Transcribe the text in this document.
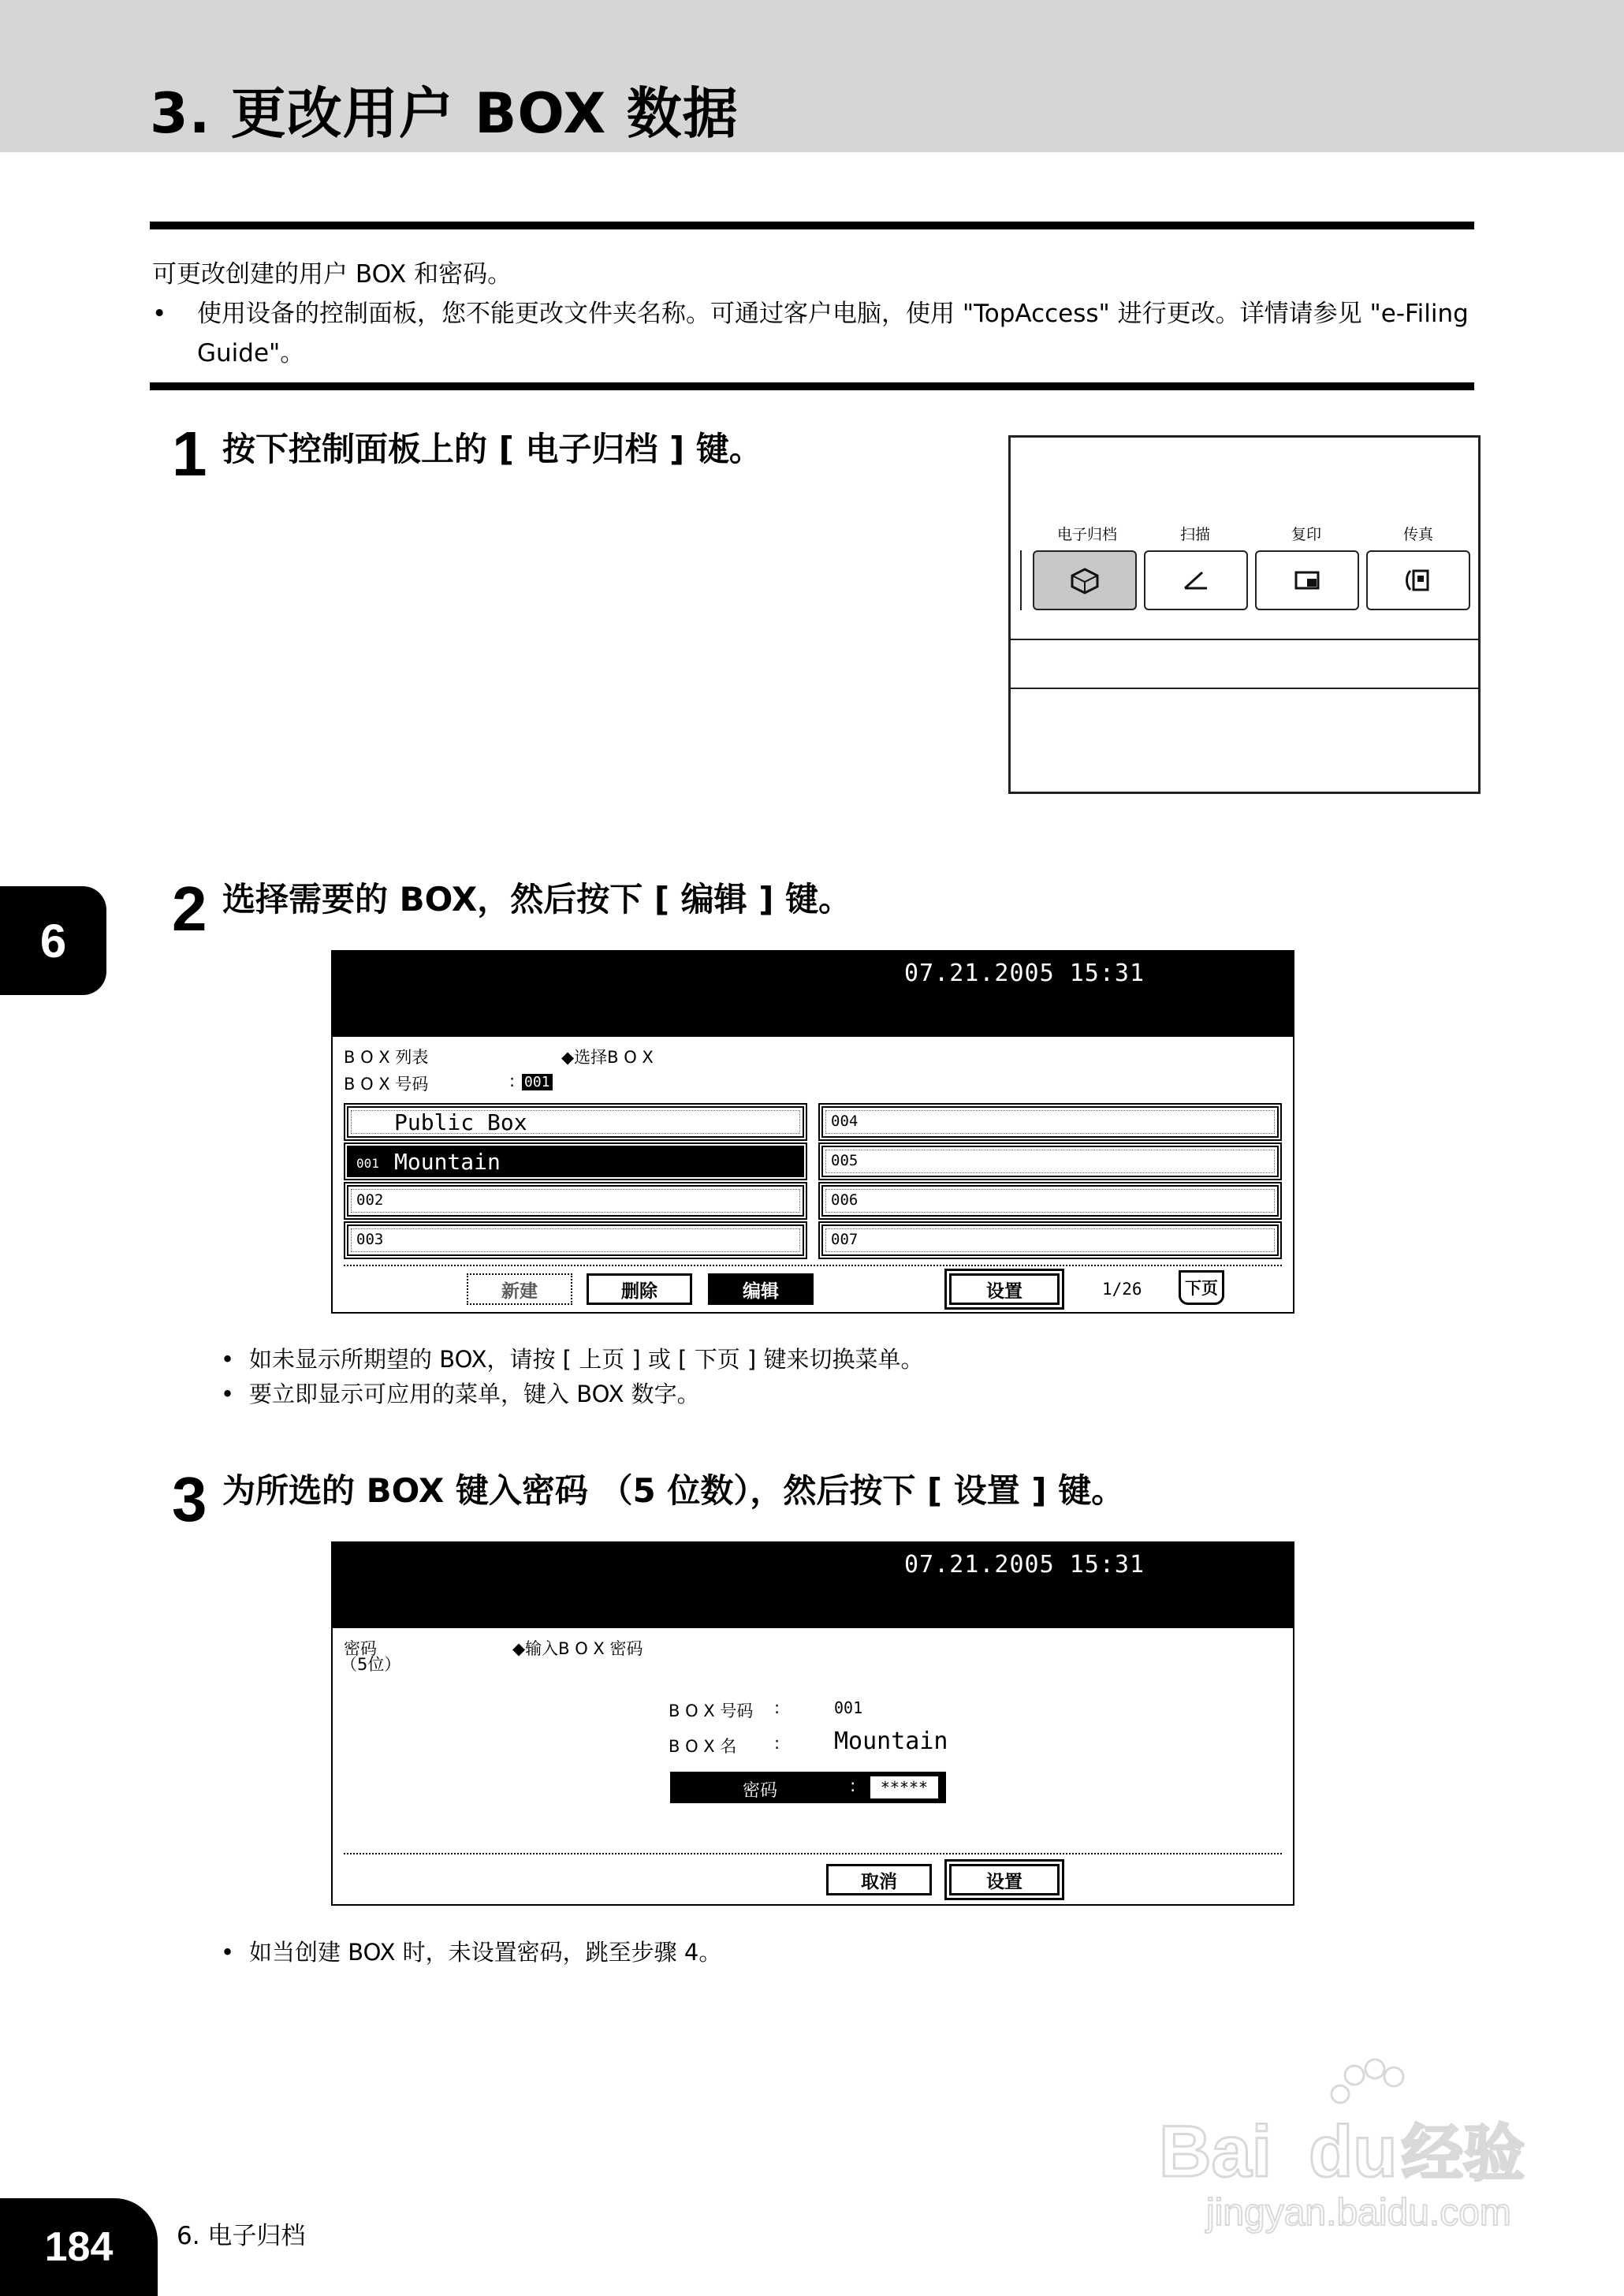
3. 更改用户 BOX 数据
可更改创建的用户 BOX 和密码。
• 使用设备的控制面板，您不能更改文件夹名称。可通过客户电脑，使用 "TopAccess" 进行更改。详情请参见 "e-Filing Guide"。
1 按下控制面板上的 [ 电子归档 ] 键。
电子归档	扫描	复印	传真
6	2 选择需要的 BOX，然后按下 [ 编辑 ] 键。
07.21.2005 15:31
B O X 列表	◆选择B O X
B O X 号码	: 001
Public Box
001 Mountain
002
003
004
005
006
007
新建	删除	编辑	设置	1/26	下页
• 如未显示所期望的 BOX，请按 [ 上页 ] 或 [ 下页 ] 键来切换菜单。
• 要立即显示可应用的菜单，键入 BOX 数字。
3 为所选的 BOX 键入密码 （5 位数），然后按下 [ 设置 ] 键。
07.21.2005 15:31
密码
（5位）
◆输入B O X 密码
B O X 号码 :	001
B O X 名 : Mountain
密码	:	*****
取消	设置
• 如当创建 BOX 时，未设置密码，跳至步骤 4。
Bai du 经验
jingyan.baidu.com
184	6. 电子归档
